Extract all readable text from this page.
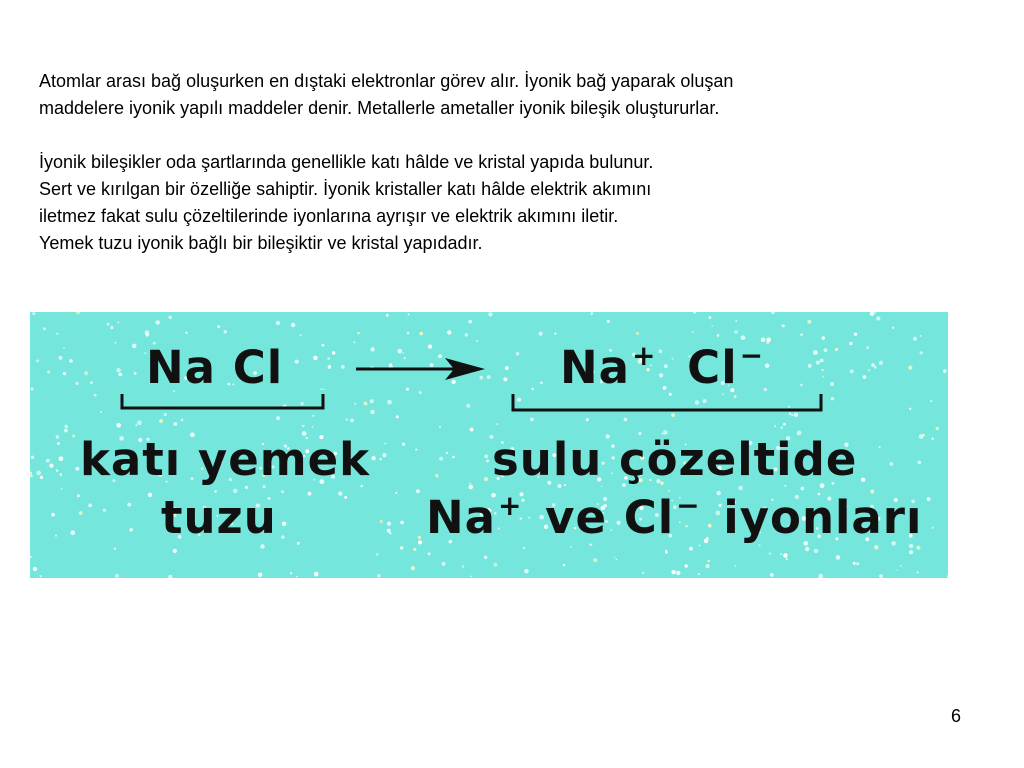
Atomlar arası bağ oluşurken en dıştaki elektronlar görev alır. İyonik bağ yaparak oluşan
maddelere iyonik yapılı maddeler denir. Metallerle ametaller iyonik bileşik oluştururlar.
İyonik bileşikler oda şartlarında genellikle katı hâlde ve kristal yapıda bulunur.
Sert ve kırılgan bir özelliğe sahiptir. İyonik kristaller katı hâlde elektrik akımını
iletmez fakat sulu çözeltilerinde iyonlarına ayrışır ve elektrik akımını iletir.
Yemek tuzu iyonik bağlı bir bileşiktir ve kristal yapıdadır.
Na Cl	Na+ Cl−
katı yemek
tuzu
sulu çözeltide
Na+ ve Cl− iyonları
6
